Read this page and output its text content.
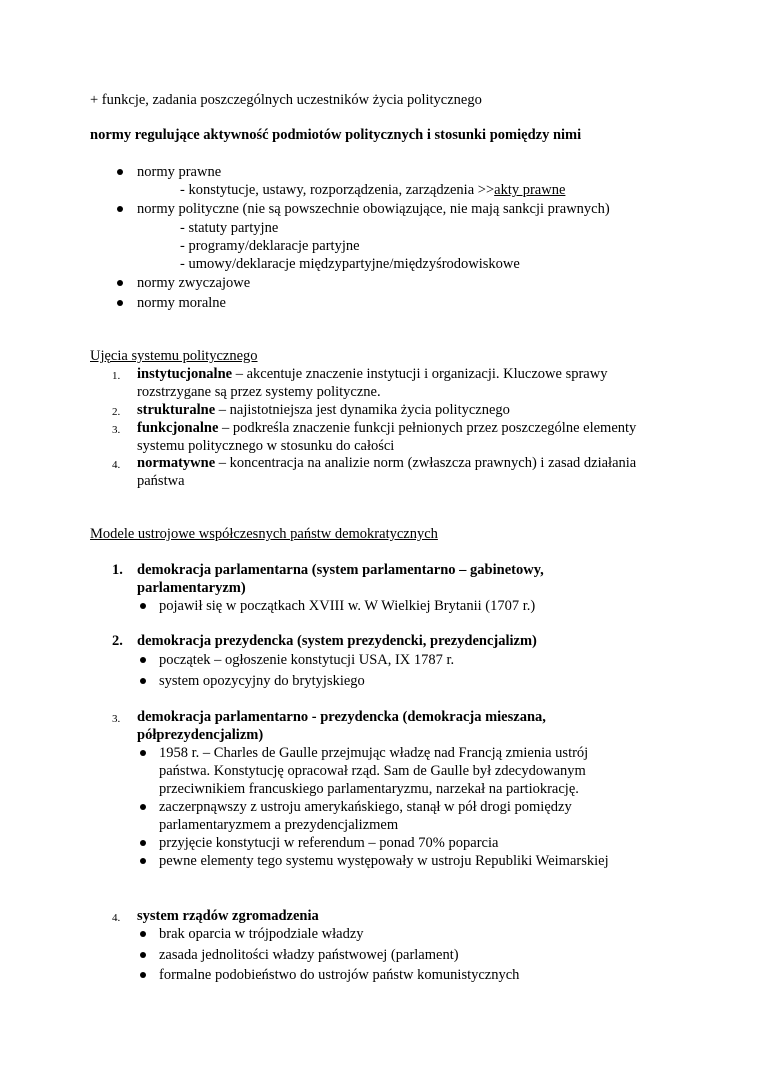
+ funkcje, zadania poszczególnych uczestników życia politycznego
normy regulujące aktywność podmiotów politycznych i stosunki pomiędzy nimi
normy prawne
- konstytucje, ustawy, rozporządzenia, zarządzenia >>akty prawne
normy polityczne (nie są powszechnie obowiązujące, nie mają sankcji prawnych)
- statuty partyjne
- programy/deklaracje partyjne
- umowy/deklaracje międzypartyjne/międzyśrodowiskowe
normy zwyczajowe
normy moralne
Ujęcia systemu politycznego
1. instytucjonalne – akcentuje znaczenie instytucji i organizacji. Kluczowe sprawy
rozstrzygane są przez systemy polityczne.
2. strukturalne – najistotniejsza jest dynamika życia politycznego
3. funkcjonalne – podkreśla znaczenie funkcji pełnionych przez poszczególne elementy
systemu politycznego w stosunku do całości
4. normatywne – koncentracja na analizie norm (zwłaszcza prawnych) i zasad działania
państwa
Modele ustrojowe współczesnych państw demokratycznych
1. demokracja parlamentarna (system parlamentarno – gabinetowy,
parlamentaryzm)
pojawił się w początkach XVIII w. W Wielkiej Brytanii (1707 r.)
2. demokracja prezydencka (system prezydencki, prezydencjalizm)
początek – ogłoszenie konstytucji USA, IX 1787 r.
system opozycyjny do brytyjskiego
3. demokracja parlamentarno - prezydencka (demokracja mieszana,
półprezydencjalizm)
1958 r. – Charles de Gaulle przejmując władzę nad Francją zmienia ustrój
państwa. Konstytucję opracował rząd. Sam de Gaulle był zdecydowanym
przeciwnikiem francuskiego parlamentaryzmu, narzekał na partiokrację.
zaczerpnąwszy z ustroju amerykańskiego, stanął w pół drogi pomiędzy
parlamentaryzmem a prezydencjalizmem
przyjęcie konstytucji w referendum – ponad 70% poparcia
pewne elementy tego systemu występowały w ustroju Republiki Weimarskiej
4. system rządów zgromadzenia
brak oparcia w trójpodziale władzy
zasada jednolitości władzy państwowej (parlament)
formalne podobieństwo do ustrojów państw komunistycznych
